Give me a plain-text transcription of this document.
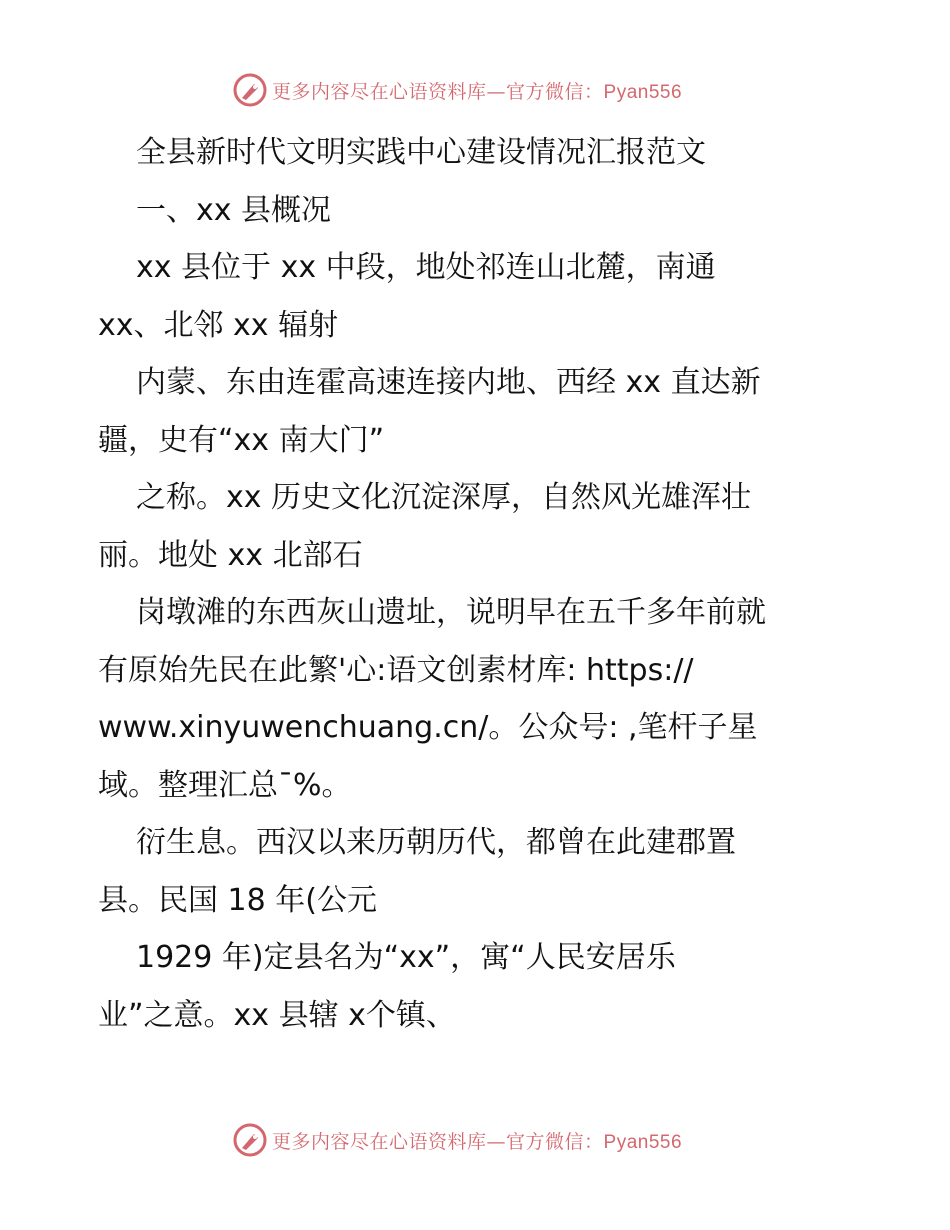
更多内容尽在心语资料库—官方微信：Pyan556
全县新时代文明实践中心建设情况汇报范文
一、xx 县概况
xx 县位于 xx 中段，地处祁连山北麓，南通
xx、北邻 xx 辐射
内蒙、东由连霍高速连接内地、西经 xx 直达新
疆，史有“xx 南大门”
之称。xx 历史文化沉淀深厚，自然风光雄浑壮
丽。地处 xx 北部石
岗墩滩的东西灰山遗址，说明早在五千多年前就
有原始先民在此繁'心:语文创素材库: https://
www.xinyuwenchuang.cn/。公众号: ,笔杆子星
域。整理汇总¯%。
衍生息。西汉以来历朝历代，都曾在此建郡置
县。民国 18 年(公元
1929 年)定县名为“xx”，寓“人民安居乐
业”之意。xx 县辖 x个镇、
更多内容尽在心语资料库—官方微信：Pyan556
